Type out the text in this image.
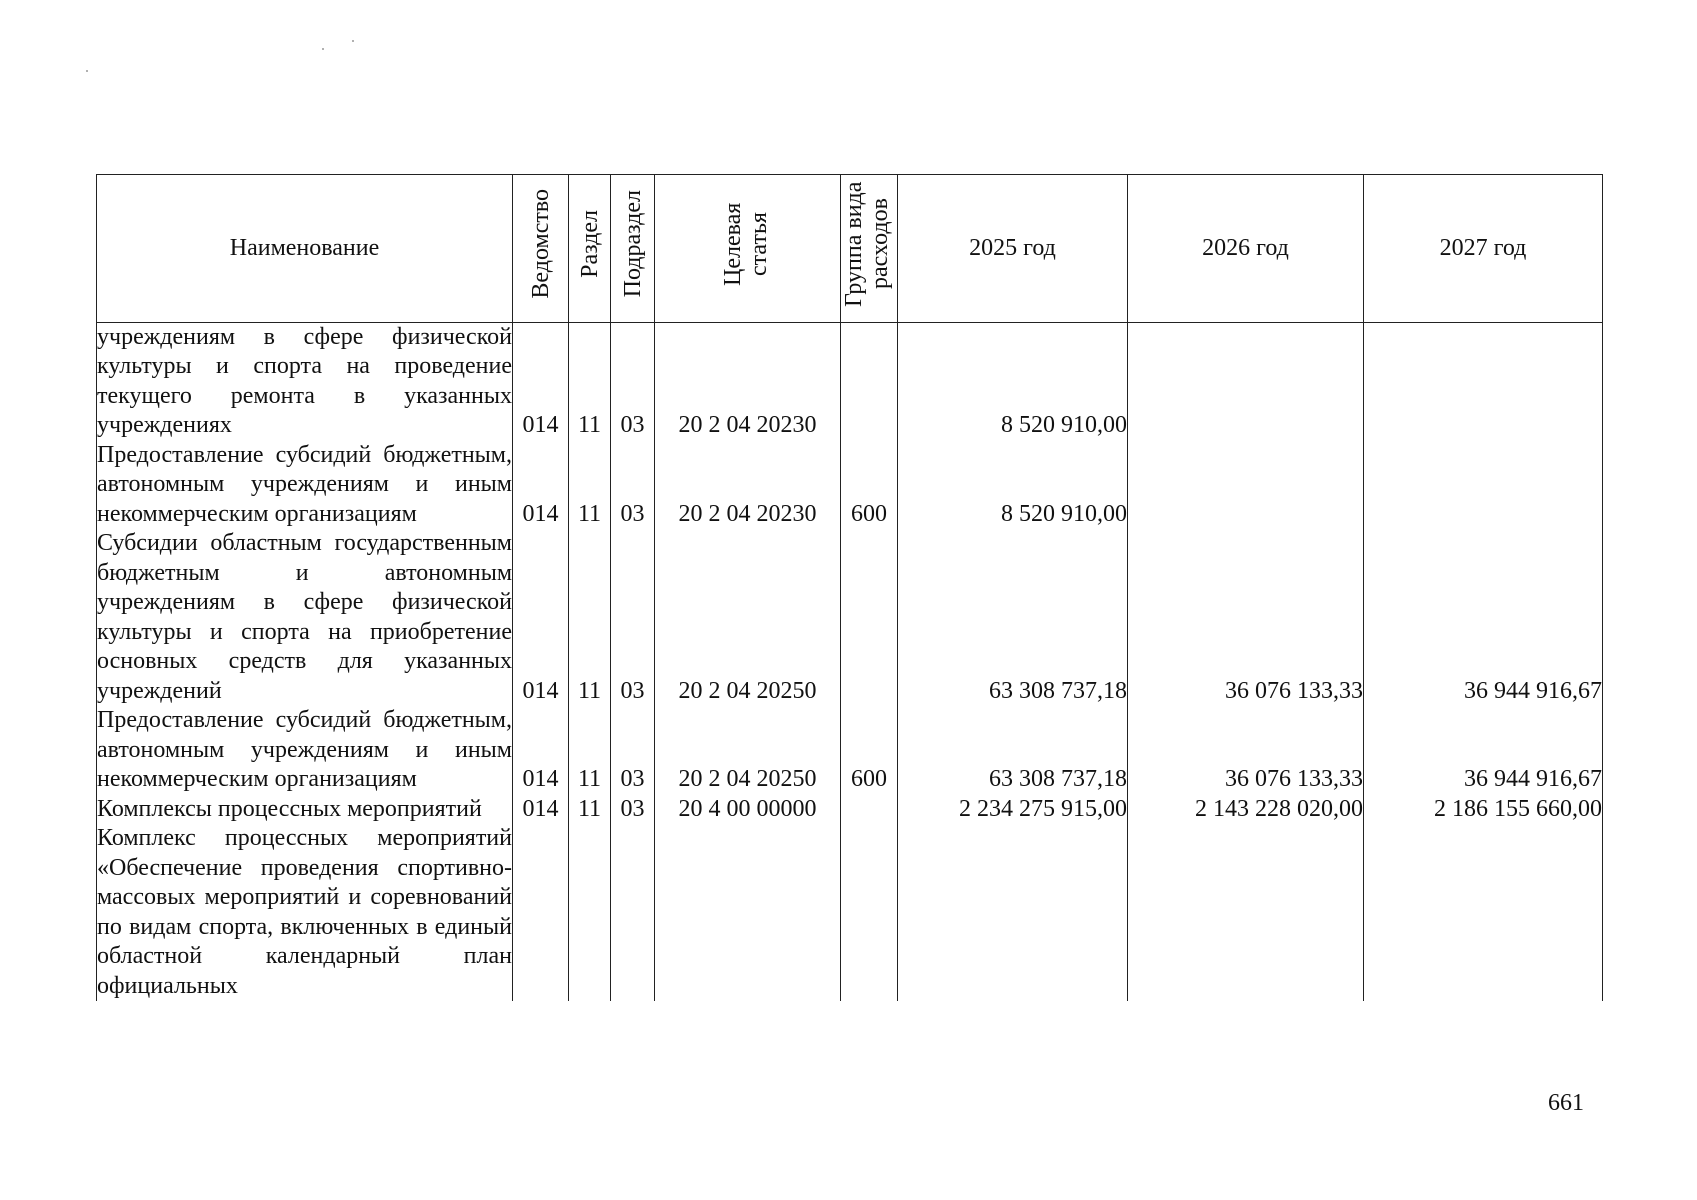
Наименование	Ведомство	Раздел	Подраздел	Целевая статья	Группа вида расходов	2025 год	2026 год	2027 год
учреждениям в сфере физической культуры и спорта на проведение текущего ремонта в указанных учреждениях	014	11	03	20 2 04 20230		8 520 910,00		
Предоставление субсидий бюджетным, автономным учреждениям и иным некоммерческим организациям	014	11	03	20 2 04 20230	600	8 520 910,00		
Субсидии областным государственным бюджетным и автономным учреждениям в сфере физической культуры и спорта на приобретение основных средств для указанных учреждений	014	11	03	20 2 04 20250		63 308 737,18	36 076 133,33	36 944 916,67
Предоставление субсидий бюджетным, автономным учреждениям и иным некоммерческим организациям	014	11	03	20 2 04 20250	600	63 308 737,18	36 076 133,33	36 944 916,67
Комплексы процессных мероприятий	014	11	03	20 4 00 00000		2 234 275 915,00	2 143 228 020,00	2 186 155 660,00
Комплекс процессных мероприятий «Обеспечение проведения спортивно-массовых мероприятий и соревнований по видам спорта, включенных в единый областной календарный план официальных								
661
